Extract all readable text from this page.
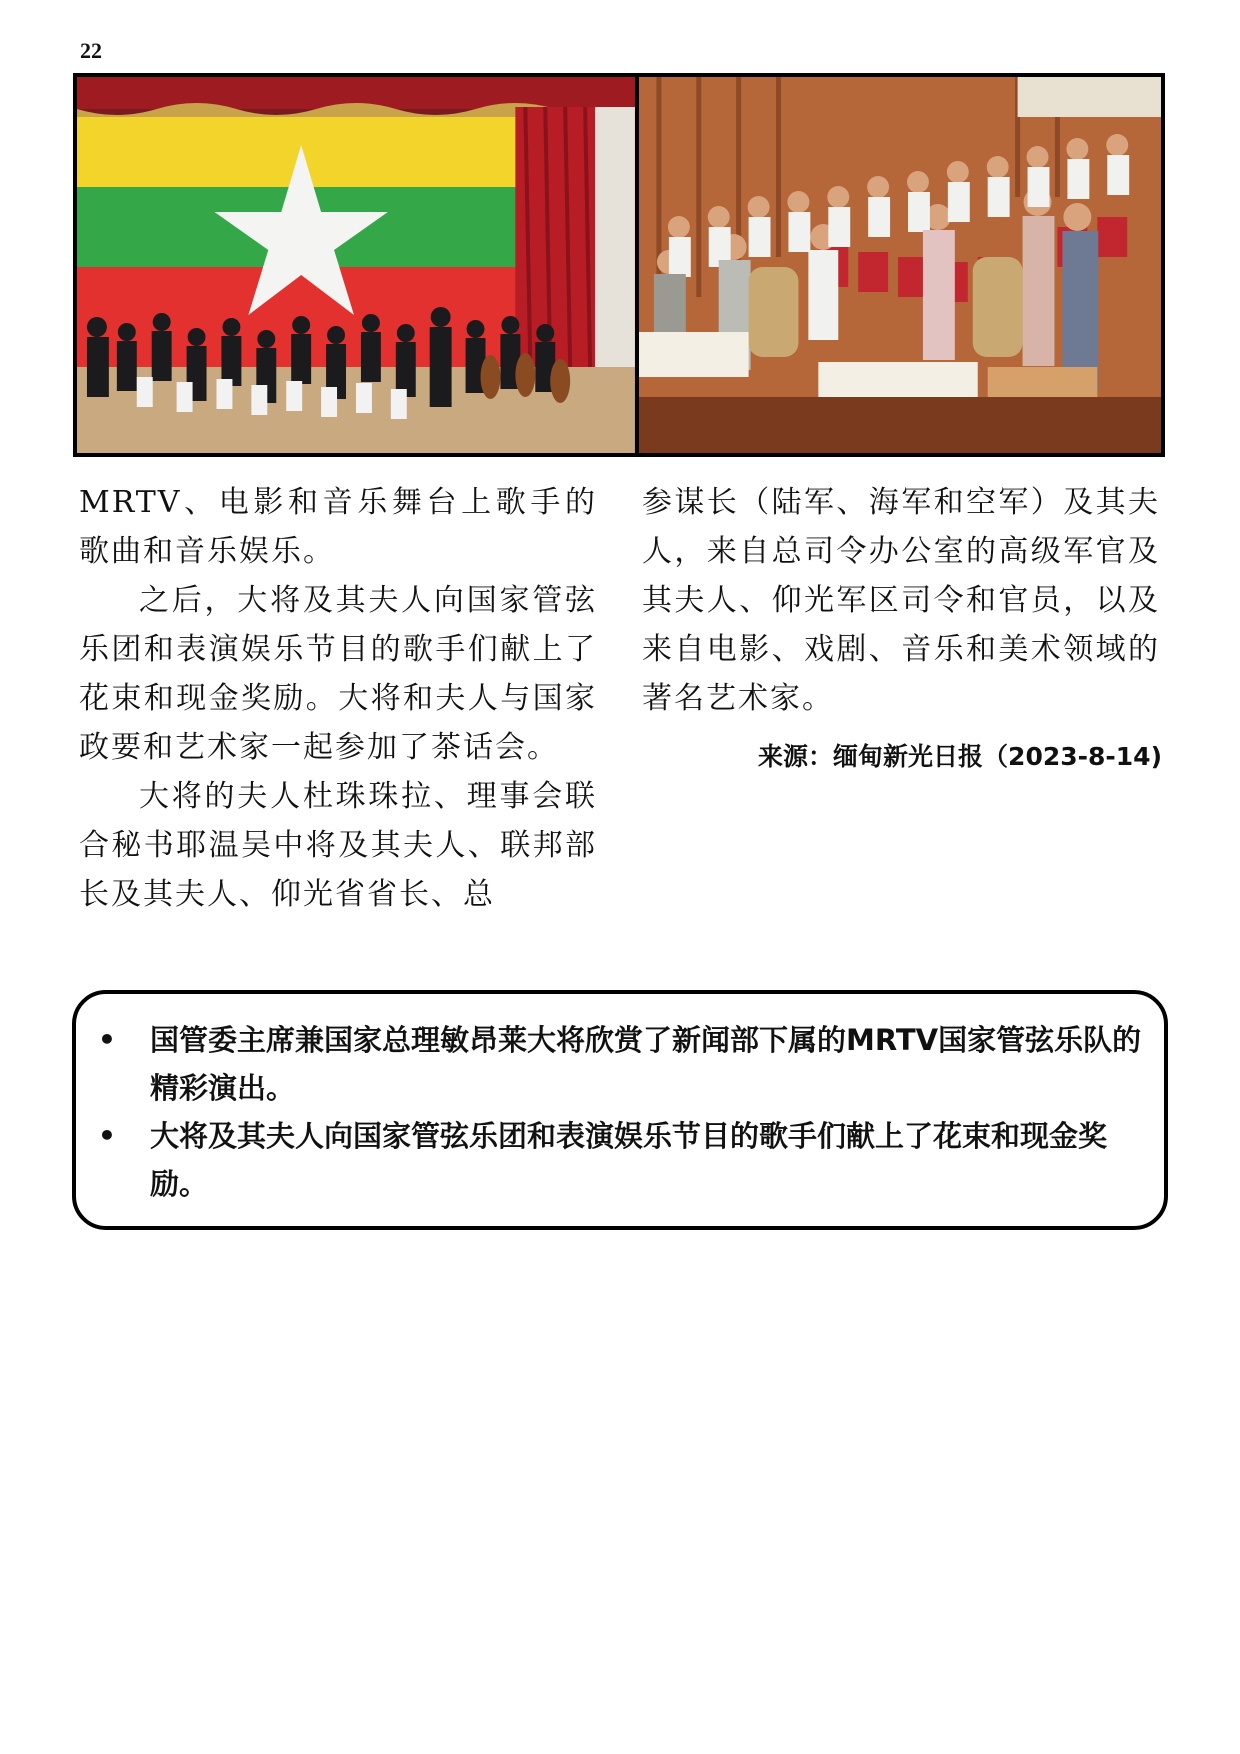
22

MRTV、电影和音乐舞台上歌手的歌曲和音乐娱乐。

之后，大将及其夫人向国家管弦乐团和表演娱乐节目的歌手们献上了花束和现金奖励。大将和夫人与国家政要和艺术家一起参加了茶话会。

大将的夫人杜珠珠拉、理事会联合秘书耶温吴中将及其夫人、联邦部长及其夫人、仰光省省长、总

参谋长（陆军、海军和空军）及其夫人，来自总司令办公室的高级军官及其夫人、仰光军区司令和官员，以及来自电影、戏剧、音乐和美术领域的著名艺术家。

来源：缅甸新光日报（2023-8-14)
• 国管委主席兼国家总理敏昂莱大将欣赏了新闻部下属的MRTV国家管弦乐队的精彩演出。
• 大将及其夫人向国家管弦乐团和表演娱乐节目的歌手们献上了花束和现金奖励。
